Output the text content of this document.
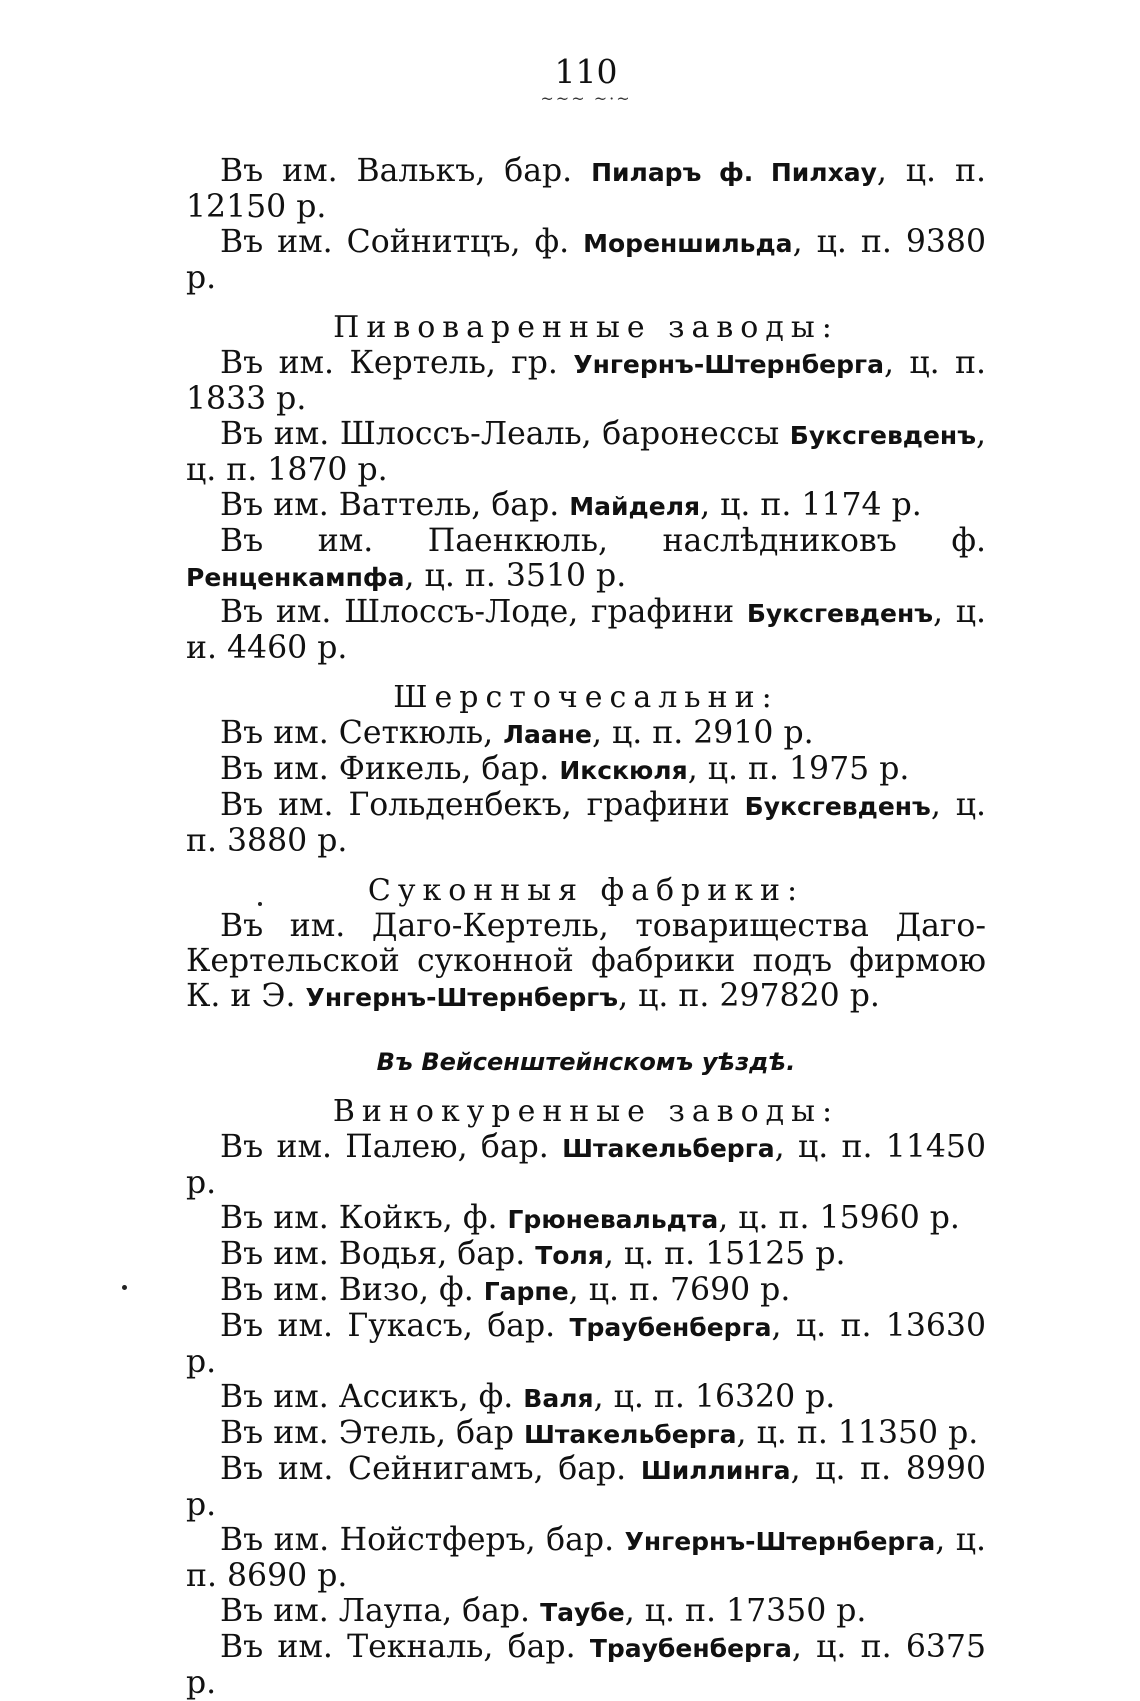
110
~~~ ~·~

Въ им. Валькъ, бар. Пиларъ ф. Пилхау, ц. п. 12150 р.

Въ им. Сойнитцъ, ф. Мореншильда, ц. п. 9380 р.

Пивоваренные заводы:

Въ им. Кертель, гр. Унгернъ-Штернберга, ц. п. 1833 р.

Въ им. Шлоссъ-Леаль, баронессы Буксгевденъ, ц. п. 1870 р.

Въ им. Ваттель, бар. Майделя, ц. п. 1174 р.

Въ им. Паенкюль, наслѣдниковъ ф. Ренценкампфа, ц. п. 3510 р.

Въ им. Шлоссъ-Лоде, графини Буксгевденъ, ц. и. 4460 р.

Шерсточесальни:

Въ им. Сеткюль, Лаане, ц. п. 2910 р.

Въ им. Фикель, бар. Икскюля, ц. п. 1975 р.

Въ им. Гольденбекъ, графини Буксгевденъ, ц. п. 3880 р.

Суконныя фабрики:

Въ им. Даго-Кертель, товарищества Даго-Кертельской суконной фабрики подъ фирмою К. и Э. Унгернъ-Штернбергъ, ц. п. 297820 р.

Въ Вейсенштейнскомъ уѣздѣ.
Винокуренные заводы:

Въ им. Палею, бар. Штакельберга, ц. п. 11450 р.

Въ им. Койкъ, ф. Грюневальдта, ц. п. 15960 р.

Въ им. Водья, бар. Толя, ц. п. 15125 р.

Въ им. Визо, ф. Гарпе, ц. п. 7690 р.

Въ им. Гукасъ, бар. Траубенберга, ц. п. 13630 р.

Въ им. Ассикъ, ф. Валя, ц. п. 16320 р.

Въ им. Этель, бар Штакельберга, ц. п. 11350 р.

Въ им. Сейнигамъ, бар. Шиллинга, ц. п. 8990 р.

Въ им. Нойстферъ, бар. Унгернъ-Штернберга, ц. п. 8690 р.

Въ им. Лаупа, бар. Таубе, ц. п. 17350 р.

Въ им. Текналь, бар. Траубенберга, ц. п. 6375 р.
